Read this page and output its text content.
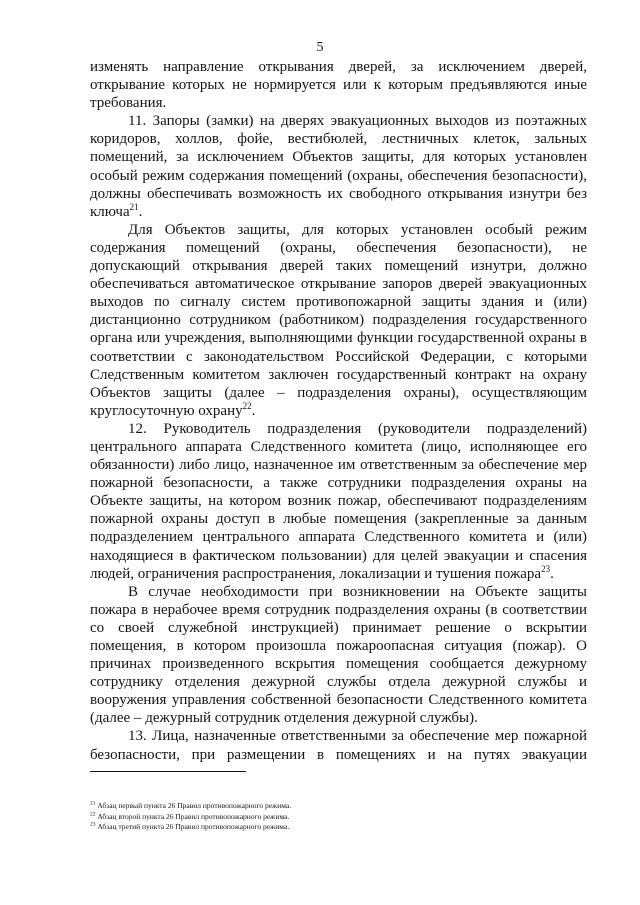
5

изменять направление открывания дверей, за исключением дверей, открывание которых не нормируется или к которым предъявляются иные требования.

11. Запоры (замки) на дверях эвакуационных выходов из поэтажных коридоров, холлов, фойе, вестибюлей, лестничных клеток, зальных помещений, за исключением Объектов защиты, для которых установлен особый режим содержания помещений (охраны, обеспечения безопасности), должны обеспечивать возможность их свободного открывания изнутри без ключа$^{21}$.

Для Объектов защиты, для которых установлен особый режим содержания помещений (охраны, обеспечения безопасности), не допускающий открывания дверей таких помещений изнутри, должно обеспечиваться автоматическое открывание запоров дверей эвакуационных выходов по сигналу систем противопожарной защиты здания и (или) дистанционно сотрудником (работником) подразделения государственного органа или учреждения, выполняющими функции государственной охраны в соответствии с законодательством Российской Федерации, с которыми Следственным комитетом заключен государственный контракт на охрану Объектов защиты (далее – подразделения охраны), осуществляющим круглосуточную охрану$^{22}$.

12. Руководитель подразделения (руководители подразделений) центрального аппарата Следственного комитета (лицо, исполняющее его обязанности) либо лицо, назначенное им ответственным за обеспечение мер пожарной безопасности, а также сотрудники подразделения охраны на Объекте защиты, на котором возник пожар, обеспечивают подразделениям пожарной охраны доступ в любые помещения (закрепленные за данным подразделением центрального аппарата Следственного комитета и (или) находящиеся в фактическом пользовании) для целей эвакуации и спасения людей, ограничения распространения, локализации и тушения пожара$^{23}$.

В случае необходимости при возникновении на Объекте защиты пожара в нерабочее время сотрудник подразделения охраны (в соответствии со своей служебной инструкцией) принимает решение о вскрытии помещения, в котором произошла пожароопасная ситуация (пожар). О причинах произведенного вскрытия помещения сообщается дежурному сотруднику отделения дежурной службы отдела дежурной службы и вооружения управления собственной безопасности Следственного комитета (далее – дежурный сотрудник отделения дежурной службы).

13. Лица, назначенные ответственными за обеспечение мер пожарной безопасности, при размещении в помещениях и на путях эвакуации

$^{21}$ Абзац первый пункта 26 Правил противопожарного режима.
$^{22}$ Абзац второй пункта 26 Правил противопожарного режима.
$^{23}$ Абзац третий пункта 26 Правил противопожарного режима.
